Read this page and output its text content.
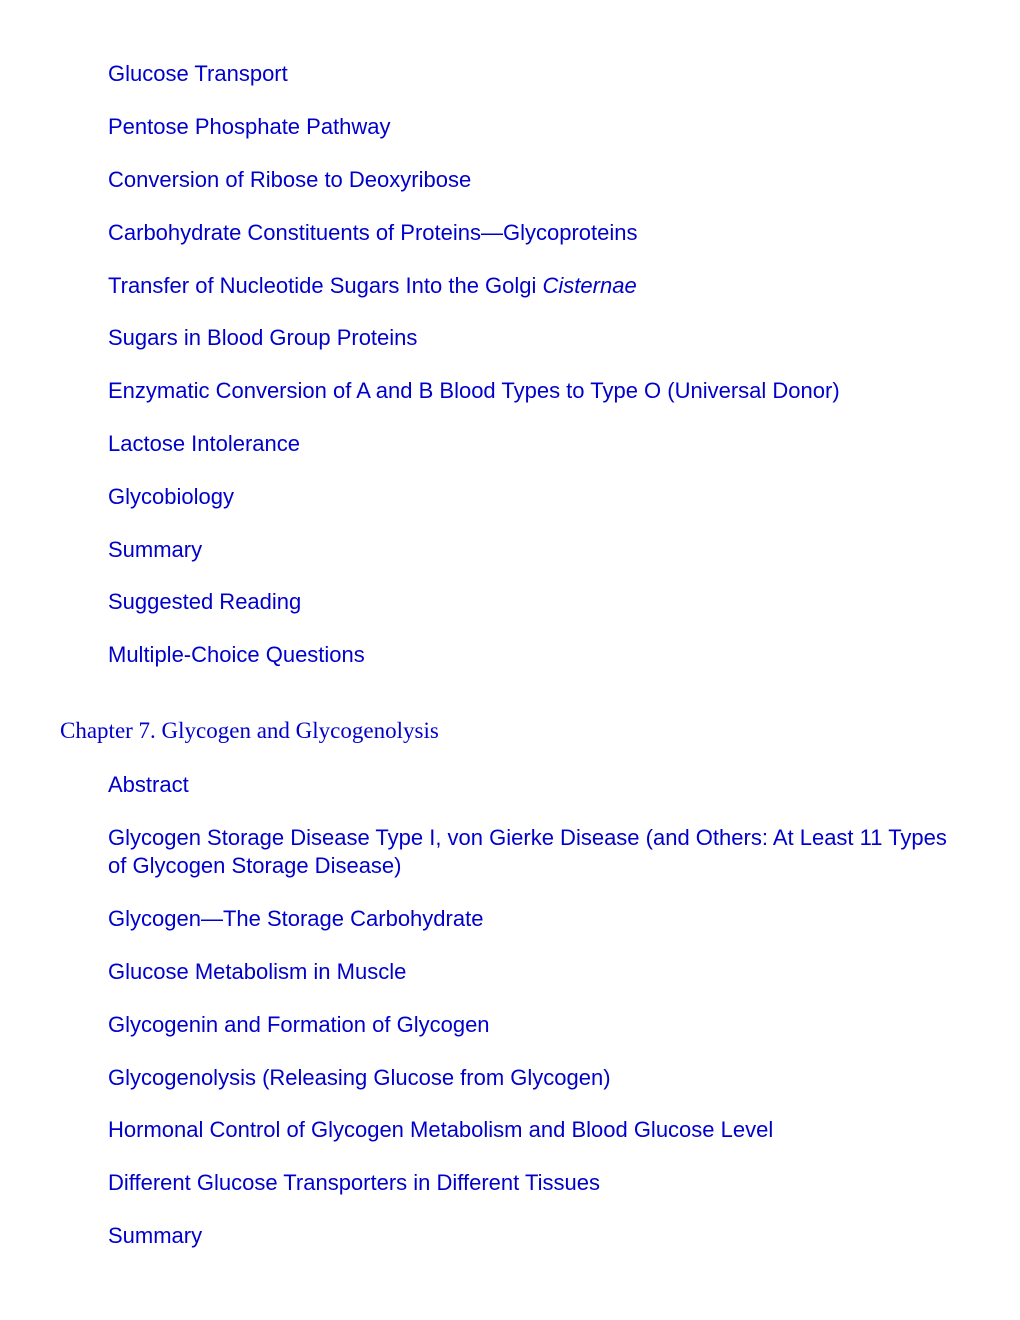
Glucose Transport
Pentose Phosphate Pathway
Conversion of Ribose to Deoxyribose
Carbohydrate Constituents of Proteins—Glycoproteins
Transfer of Nucleotide Sugars Into the Golgi Cisternae
Sugars in Blood Group Proteins
Enzymatic Conversion of A and B Blood Types to Type O (Universal Donor)
Lactose Intolerance
Glycobiology
Summary
Suggested Reading
Multiple-Choice Questions
Chapter 7. Glycogen and Glycogenolysis
Abstract
Glycogen Storage Disease Type I, von Gierke Disease (and Others: At Least 11 Types of Glycogen Storage Disease)
Glycogen—The Storage Carbohydrate
Glucose Metabolism in Muscle
Glycogenin and Formation of Glycogen
Glycogenolysis (Releasing Glucose from Glycogen)
Hormonal Control of Glycogen Metabolism and Blood Glucose Level
Different Glucose Transporters in Different Tissues
Summary
